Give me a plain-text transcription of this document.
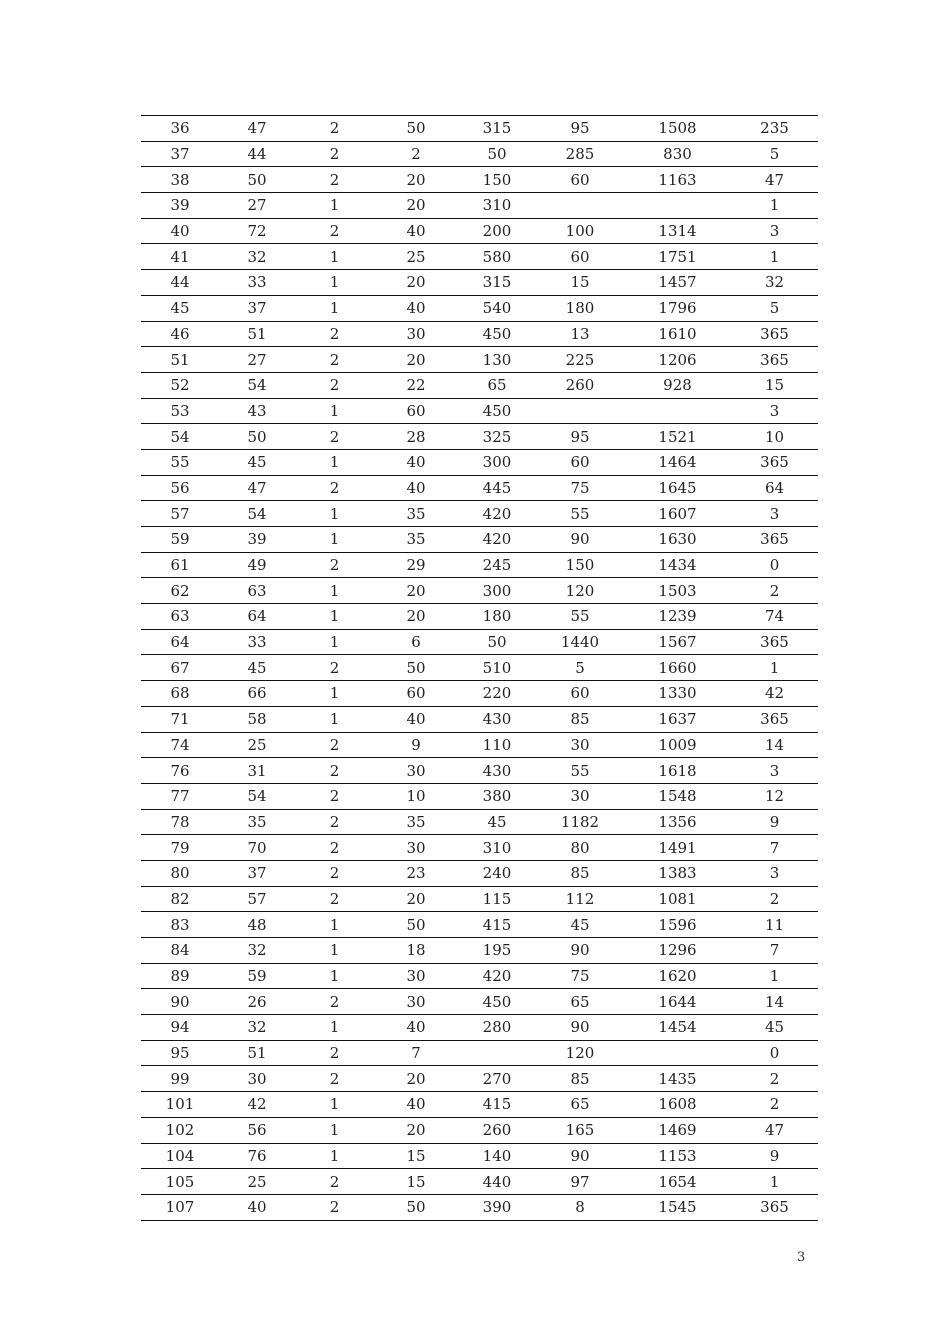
36	47	2	50	315	95	1508	235
37	44	2	2	50	285	830	5
38	50	2	20	150	60	1163	47
39	27	1	20	310			1
40	72	2	40	200	100	1314	3
41	32	1	25	580	60	1751	1
44	33	1	20	315	15	1457	32
45	37	1	40	540	180	1796	5
46	51	2	30	450	13	1610	365
51	27	2	20	130	225	1206	365
52	54	2	22	65	260	928	15
53	43	1	60	450			3
54	50	2	28	325	95	1521	10
55	45	1	40	300	60	1464	365
56	47	2	40	445	75	1645	64
57	54	1	35	420	55	1607	3
59	39	1	35	420	90	1630	365
61	49	2	29	245	150	1434	0
62	63	1	20	300	120	1503	2
63	64	1	20	180	55	1239	74
64	33	1	6	50	1440	1567	365
67	45	2	50	510	5	1660	1
68	66	1	60	220	60	1330	42
71	58	1	40	430	85	1637	365
74	25	2	9	110	30	1009	14
76	31	2	30	430	55	1618	3
77	54	2	10	380	30	1548	12
78	35	2	35	45	1182	1356	9
79	70	2	30	310	80	1491	7
80	37	2	23	240	85	1383	3
82	57	2	20	115	112	1081	2
83	48	1	50	415	45	1596	11
84	32	1	18	195	90	1296	7
89	59	1	30	420	75	1620	1
90	26	2	30	450	65	1644	14
94	32	1	40	280	90	1454	45
95	51	2	7		120		0
99	30	2	20	270	85	1435	2
101	42	1	40	415	65	1608	2
102	56	1	20	260	165	1469	47
104	76	1	15	140	90	1153	9
105	25	2	15	440	97	1654	1
107	40	2	50	390	8	1545	365
3
